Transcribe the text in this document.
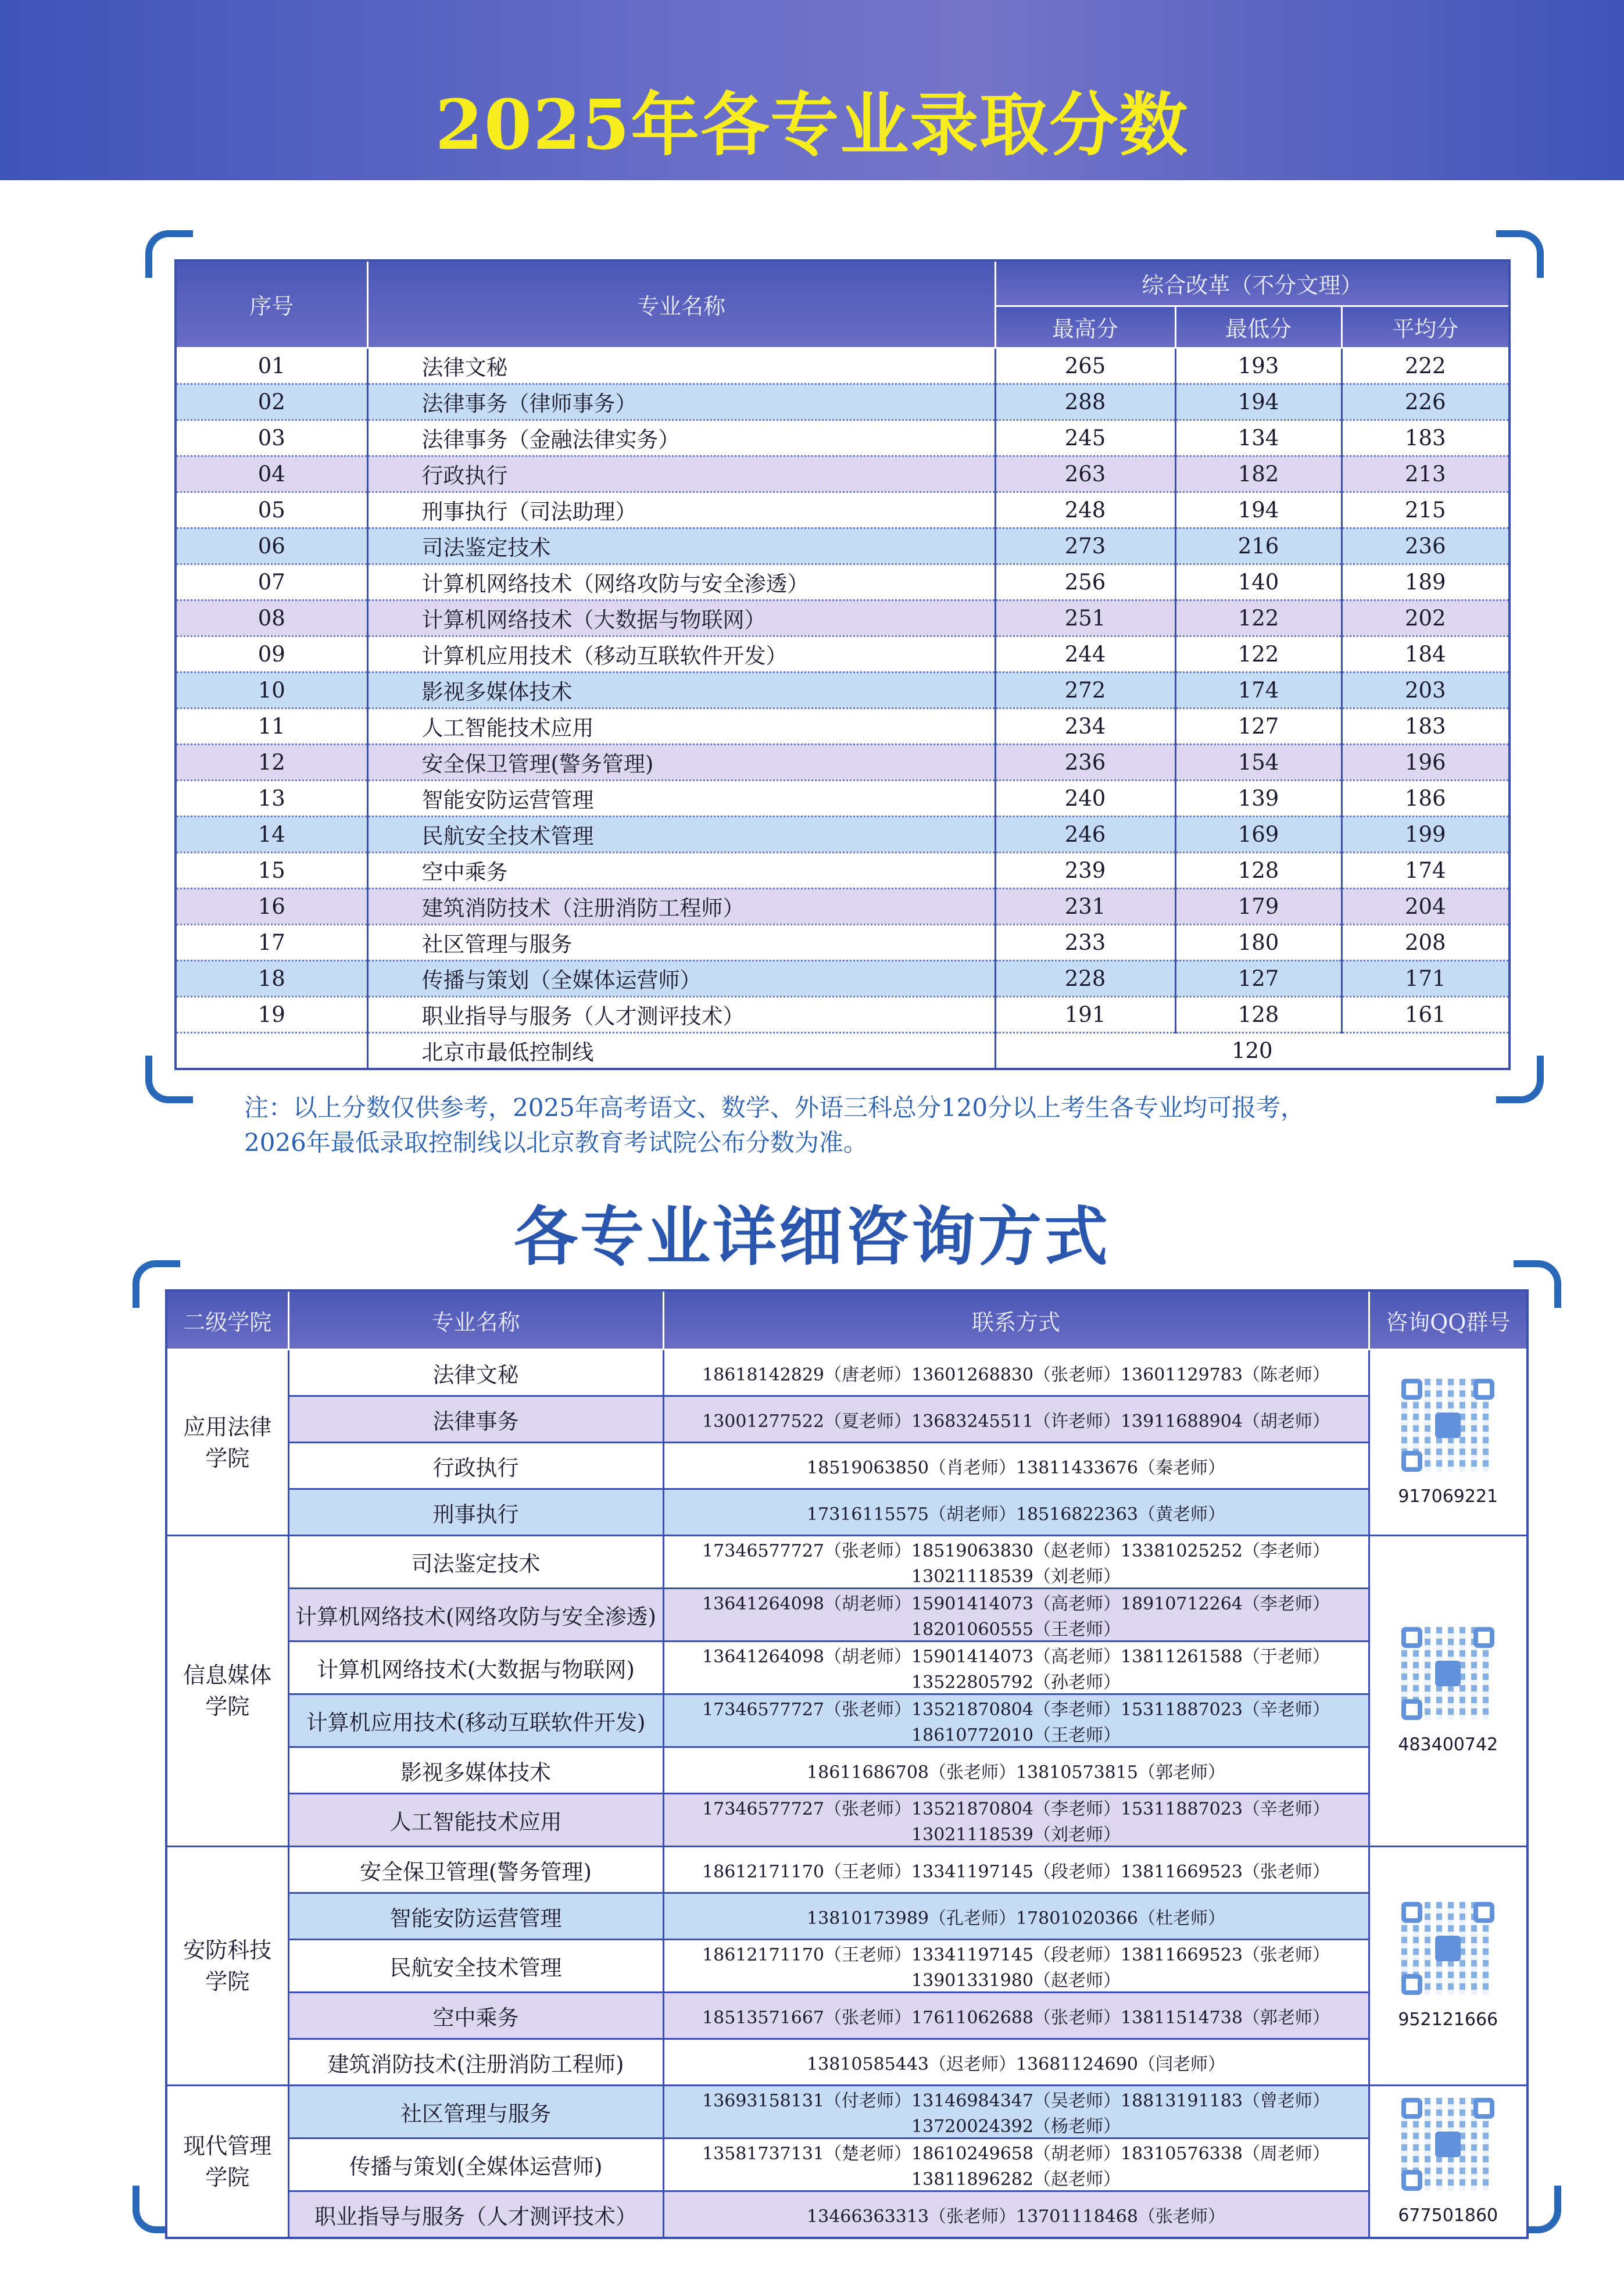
2025年各专业录取分数
序号	专业名称	综合改革（不分文理）		
		最高分	最低分	平均分
01	法律文秘	265	193	222
02	法律事务（律师事务）	288	194	226
03	法律事务（金融法律实务）	245	134	183
04	行政执行	263	182	213
05	刑事执行（司法助理）	248	194	215
06	司法鉴定技术	273	216	236
07	计算机网络技术（网络攻防与安全渗透）	256	140	189
08	计算机网络技术（大数据与物联网）	251	122	202
09	计算机应用技术（移动互联软件开发）	244	122	184
10	影视多媒体技术	272	174	203
11	人工智能技术应用	234	127	183
12	安全保卫管理(警务管理)	236	154	196
13	智能安防运营管理	240	139	186
14	民航安全技术管理	246	169	199
15	空中乘务	239	128	174
16	建筑消防技术（注册消防工程师）	231	179	204
17	社区管理与服务	233	180	208
18	传播与策划（全媒体运营师）	228	127	171
19	职业指导与服务（人才测评技术）	191	128	161
	北京市最低控制线	120		
注：以上分数仅供参考，2025年高考语文、数学、外语三科总分120分以上考生各专业均可报考，
2026年最低录取控制线以北京教育考试院公布分数为准。
各专业详细咨询方式
二级学院	专业名称	联系方式	咨询QQ群号
应用法律
学院	法律文秘	18618142829（唐老师）13601268830（张老师）13601129783（陈老师）	917069221

	法律事务	13001277522（夏老师）13683245511（许老师）13911688904（胡老师）	
	行政执行	18519063850（肖老师）13811433676（秦老师）	
	刑事执行	17316115575（胡老师）18516822363（黄老师）	
信息媒体
学院	司法鉴定技术	17346577727（张老师）18519063830（赵老师）13381025252（李老师）13021118539（刘老师）	483400742

	计算机网络技术(网络攻防与安全渗透)	13641264098（胡老师）15901414073（高老师）18910712264（李老师）18201060555（王老师）	
	计算机网络技术(大数据与物联网)	13641264098（胡老师）15901414073（高老师）13811261588（于老师）13522805792（孙老师）	
	计算机应用技术(移动互联软件开发)	17346577727（张老师）13521870804（李老师）15311887023（辛老师）18610772010（王老师）	
	影视多媒体技术	18611686708（张老师）13810573815（郭老师）	
	人工智能技术应用	17346577727（张老师）13521870804（李老师）15311887023（辛老师）13021118539（刘老师）	
安防科技
学院	安全保卫管理(警务管理)	18612171170（王老师）13341197145（段老师）13811669523（张老师）	952121666

	智能安防运营管理	13810173989（孔老师）17801020366（杜老师）	
	民航安全技术管理	18612171170（王老师）13341197145（段老师）13811669523（张老师）13901331980（赵老师）	
	空中乘务	18513571667（张老师）17611062688（张老师）13811514738（郭老师）	
	建筑消防技术(注册消防工程师)	13810585443（迟老师）13681124690（闫老师）	
现代管理
学院	社区管理与服务	13693158131（付老师）13146984347（吴老师）18813191183（曾老师）13720024392（杨老师）	677501860

	传播与策划(全媒体运营师)	13581737131（楚老师）18610249658（胡老师）18310576338（周老师）13811896282（赵老师）	
	职业指导与服务（人才测评技术）	13466363313（张老师）13701118468（张老师）	
